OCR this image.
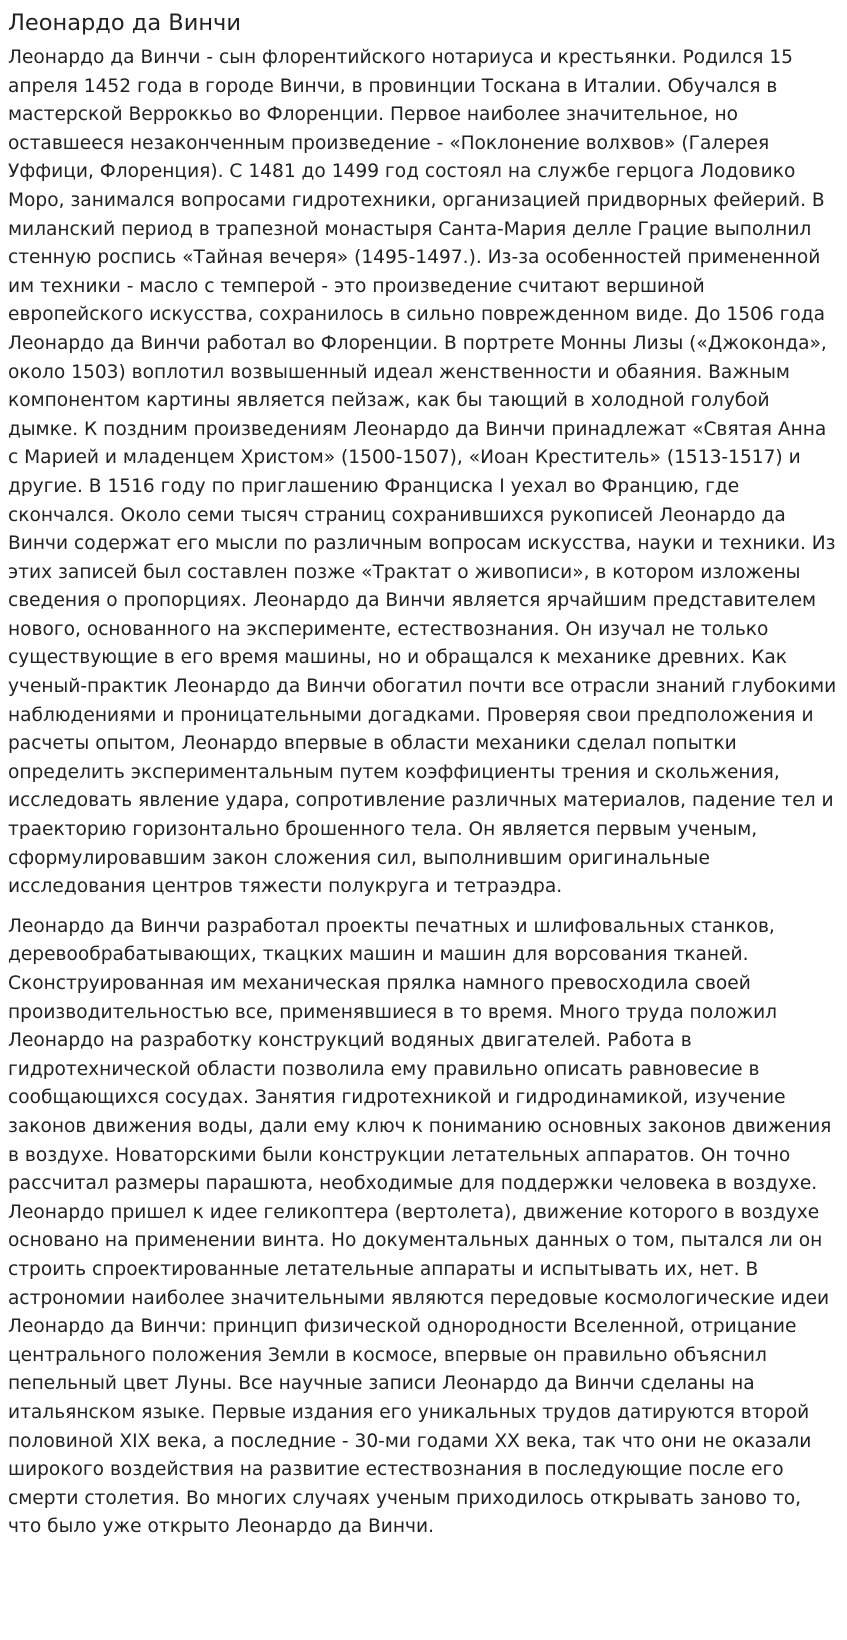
Леонардо да Винчи

Леонардо да Винчи - сын флорентийского нотариуса и крестьянки. Родился 15 апреля 1452 года в городе Винчи, в провинции Тоскана в Италии. Обучался в мастерской Верроккьо во Флоренции. Первое наиболее значительное, но оставшееся незаконченным произведение - «Поклонение волхвов» (Галерея Уффици, Флоренция). С 1481 до 1499 год состоял на службе герцога Лодовико Моро, занимался вопросами гидротехники, организацией придворных фейерий. В миланский период в трапезной монастыря Санта-Мария делле Грацие выполнил стенную роспись «Тайная вечеря» (1495-1497.). Из-за особенностей примененной им техники - масло с темперой - это произведение считают вершиной европейского искусства, сохранилось в сильно поврежденном виде. До 1506 года Леонардо да Винчи работал во Флоренции. В портрете Монны Лизы («Джоконда», около 1503) воплотил возвышенный идеал женственности и обаяния. Важным компонентом картины является пейзаж, как бы тающий в холодной голубой дымке. К поздним произведениям Леонардо да Винчи принадлежат «Святая Анна с Марией и младенцем Христом» (1500-1507), «Иоан Креститель» (1513-1517) и другие. В 1516 году по приглашению Франциска I уехал во Францию, где скончался. Около семи тысяч страниц сохранившихся рукописей Леонардо да Винчи содержат его мысли по различным вопросам искусства, науки и техники. Из этих записей был составлен позже «Трактат о живописи», в котором изложены сведения о пропорциях. Леонардо да Винчи является ярчайшим представителем нового, основанного на эксперименте, естествознания. Он изучал не только существующие в его время машины, но и обращался к механике древних. Как ученый-практик Леонардо да Винчи обогатил почти все отрасли знаний глубокими наблюдениями и проницательными догадками. Проверяя свои предположения и расчеты опытом, Леонардо впервые в области механики сделал попытки определить экспериментальным путем коэффициенты трения и скольжения, исследовать явление удара, сопротивление различных материалов, падение тел и траекторию горизонтально брошенного тела. Он является первым ученым, сформулировавшим закон сложения сил, выполнившим оригинальные исследования центров тяжести полукруга и тетраэдра.

Леонардо да Винчи разработал проекты печатных и шлифовальных станков, деревообрабатывающих, ткацких машин и машин для ворсования тканей. Сконструированная им механическая прялка намного превосходила своей производительностью все, применявшиеся в то время. Много труда положил Леонардо на разработку конструкций водяных двигателей. Работа в гидротехнической области позволила ему правильно описать равновесие в сообщающихся сосудах. Занятия гидротехникой и гидродинамикой, изучение законов движения воды, дали ему ключ к пониманию основных законов движения в воздухе. Новаторскими были конструкции летательных аппаратов. Он точно рассчитал размеры парашюта, необходимые для поддержки человека в воздухе. Леонардо пришел к идее геликоптера (вертолета), движение которого в воздухе основано на применении винта. Но документальных данных о том, пытался ли он строить спроектированные летательные аппараты и испытывать их, нет. В астрономии наиболее значительными являются передовые космологические идеи Леонардо да Винчи: принцип физической однородности Вселенной, отрицание центрального положения Земли в космосе, впервые он правильно объяснил пепельный цвет Луны. Все научные записи Леонардо да Винчи сделаны на итальянском языке. Первые издания его уникальных трудов датируются второй половиной XIX века, а последние - 30-ми годами XX века, так что они не оказали широкого воздействия на развитие естествознания в последующие после его смерти столетия. Во многих случаях ученым приходилось открывать заново то, что было уже открыто Леонардо да Винчи.
